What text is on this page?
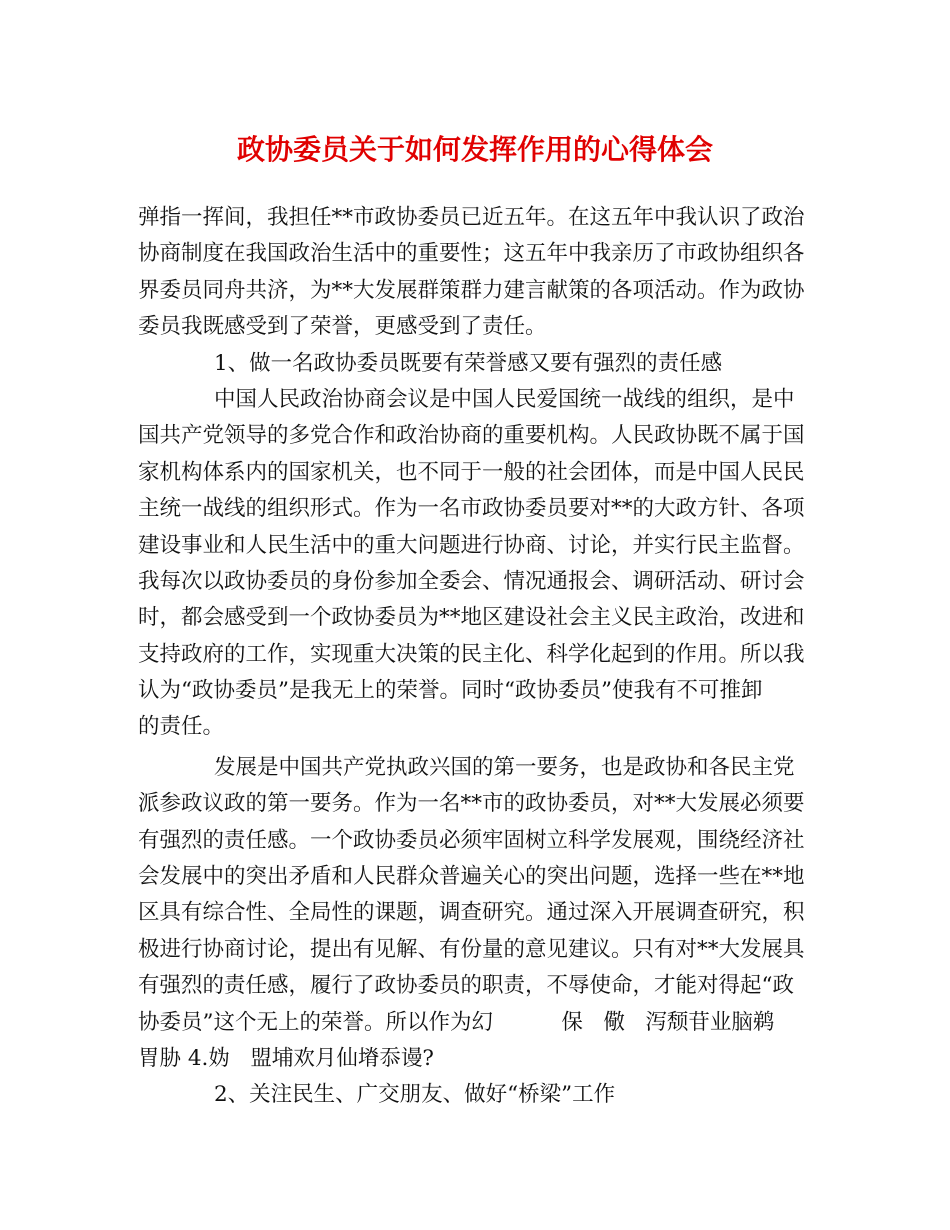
政协委员关于如何发挥作用的心得体会
弹指一挥间，我担任**市政协委员已近五年。在这五年中我认识了政治
协商制度在我国政治生活中的重要性；这五年中我亲历了市政协组织各
界委员同舟共济，为**大发展群策群力建言献策的各项活动。作为政协
委员我既感受到了荣誉，更感受到了责任。
1、做一名政协委员既要有荣誉感又要有强烈的责任感
中国人民政治协商会议是中国人民爱国统一战线的组织，是中
国共产党领导的多党合作和政治协商的重要机构。人民政协既不属于国
家机构体系内的国家机关，也不同于一般的社会团体，而是中国人民民
主统一战线的组织形式。作为一名市政协委员要对**的大政方针、各项
建设事业和人民生活中的重大问题进行协商、讨论，并实行民主监督。
我每次以政协委员的身份参加全委会、情况通报会、调研活动、研讨会
时，都会感受到一个政协委员为**地区建设社会主义民主政治，改进和
支持政府的工作，实现重大决策的民主化、科学化起到的作用。所以我
认为“政协委员”是我无上的荣誉。同时“政协委员”使我有不可推卸
的责任。
发展是中国共产党执政兴国的第一要务，也是政协和各民主党
派参政议政的第一要务。作为一名**市的政协委员，对**大发展必须要
有强烈的责任感。一个政协委员必须牢固树立科学发展观，围绕经济社
会发展中的突出矛盾和人民群众普遍关心的突出问题，选择一些在**地
区具有综合性、全局性的课题，调查研究。通过深入开展调查研究，积
极进行协商讨论，提出有见解、有份量的意见建议。只有对**大发展具
有强烈的责任感，履行了政协委员的职责，不辱使命，才能对得起“政
协委员”这个无上的荣誉。所以作为幻          保   儆   泻颓苷业脑鹈
胃胁 4.妫   盟埔欢月仙塉忝谩?
2、关注民生、广交朋友、做好“桥梁”工作
